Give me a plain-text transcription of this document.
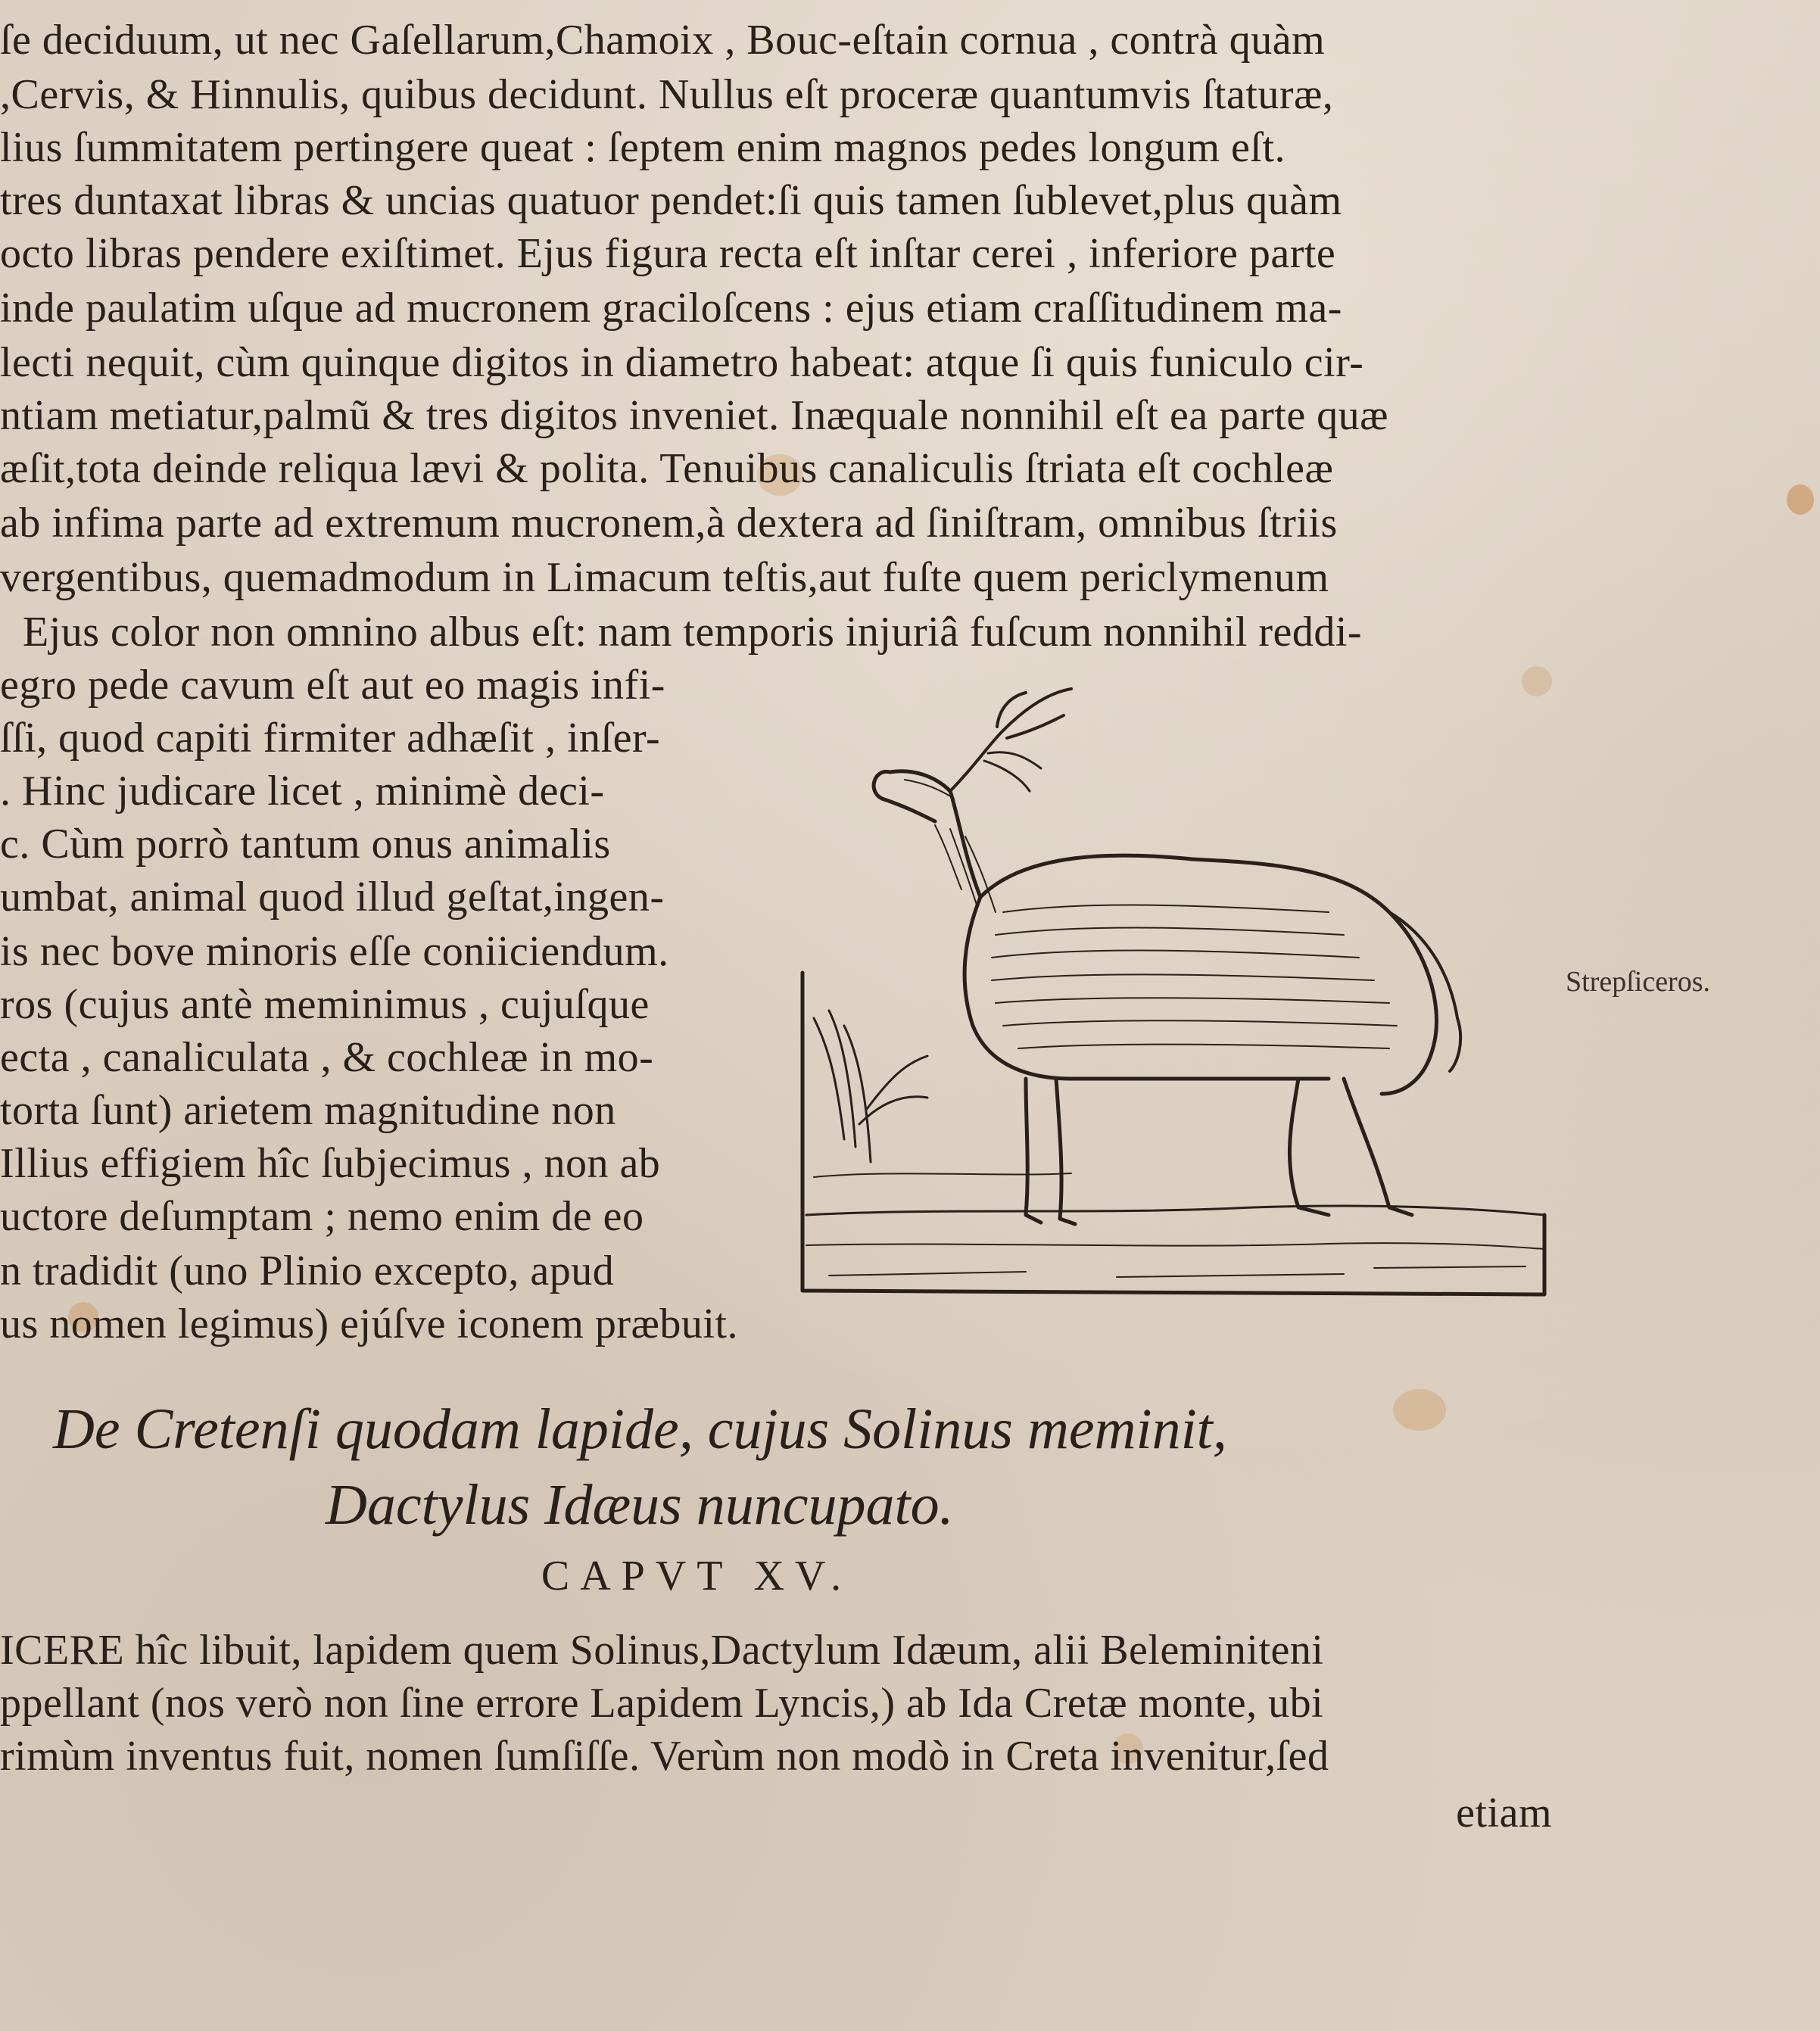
ſe deciduum, ut nec Gaſellarum,Chamoix , Bouc-eſtain cornua , contrà quàm
,Cervis, & Hinnulis, quibus decidunt. Nullus eſt proceræ quantumvis ſtaturæ,
lius ſummitatem pertingere queat : ſeptem enim magnos pedes longum eſt.
tres duntaxat libras & uncias quatuor pendet:ſi quis tamen ſublevet,plus quàm
octo libras pendere exiſtimet. Ejus figura recta eſt inſtar cerei , inferiore parte
inde paulatim uſque ad mucronem graciloſcens : ejus etiam craſſitudinem ma-
lecti nequit, cùm quinque digitos in diametro habeat: atque ſi quis funiculo cir-
ntiam metiatur,palmũ & tres digitos inveniet. Inæquale nonnihil eſt ea parte quæ
æſit,tota deinde reliqua lævi & polita. Tenuibus canaliculis ſtriata eſt cochleæ
ab infima parte ad extremum mucronem,à dextera ad ſiniſtram, omnibus ſtriis
vergentibus, quemadmodum in Limacum teſtis,aut fuſte quem periclymenum
Ejus color non omnino albus eſt: nam temporis injuriâ fuſcum nonnihil reddi-
egro pede cavum eſt aut eo magis infi-
ſſi, quod capiti firmiter adhæſit , inſer-
. Hinc judicare licet , minimè deci-
c. Cùm porrò tantum onus animalis
umbat, animal quod illud geſtat,ingen-
is nec bove minoris eſſe coniiciendum.
ros (cujus antè meminimus , cujuſque
ecta , canaliculata , & cochleæ in mo-
torta ſunt) arietem magnitudine non
Illius effigiem hîc ſubjecimus , non ab
uctore deſumptam ; nemo enim de eo
n tradidit (uno Plinio excepto, apud
us nomen legimus) ejúſve iconem præbuit.
Strepſiceros.
De Cretenſi quodam lapide, cujus Solinus meminit,
Dactylus Idæus nuncupato.
CAPVT XV.
ICERE hîc libuit, lapidem quem Solinus,Dactylum Idæum, alii Beleminiteni
ppellant (nos verò non ſine errore Lapidem Lyncis,) ab Ida Cretæ monte, ubi
rimùm inventus fuit, nomen ſumſiſſe. Verùm non modò in Creta invenitur,ſed
etiam
